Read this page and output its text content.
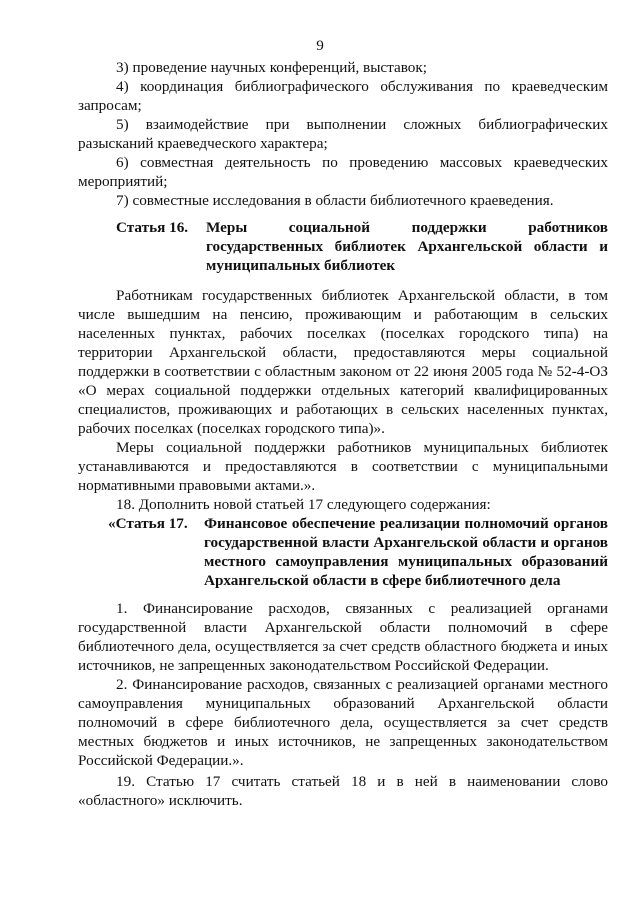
9
3) проведение научных конференций, выставок;
4) координация библиографического обслуживания по краеведческим запросам;
5) взаимодействие при выполнении сложных библиографических разысканий краеведческого характера;
6) совместная деятельность по проведению массовых краеведческих мероприятий;
7) совместные исследования в области библиотечного краеведения.
Статья 16.	Меры социальной поддержки работников государственных библиотек Архангельской области и муниципальных библиотек
Работникам государственных библиотек Архангельской области, в том числе вышедшим на пенсию, проживающим и работающим в сельских населенных пунктах, рабочих поселках (поселках городского типа) на территории Архангельской области, предоставляются меры социальной поддержки в соответствии с областным законом от 22 июня 2005 года № 52-4-ОЗ «О мерах социальной поддержки отдельных категорий квалифицированных специалистов, проживающих и работающих в сельских населенных пунктах, рабочих поселках (поселках городского типа)».
Меры социальной поддержки работников муниципальных библиотек устанавливаются и предоставляются в соответствии с муниципальными нормативными правовыми актами.».
18. Дополнить новой статьей 17 следующего содержания:
«Статья 17.	Финансовое обеспечение реализации полномочий органов государственной власти Архангельской области и органов местного самоуправления муниципальных образований Архангельской области в сфере библиотечного дела
1. Финансирование расходов, связанных с реализацией органами государственной власти Архангельской области полномочий в сфере библиотечного дела, осуществляется за счет средств областного бюджета и иных источников, не запрещенных законодательством Российской Федерации.
2. Финансирование расходов, связанных с реализацией органами местного самоуправления муниципальных образований Архангельской области полномочий в сфере библиотечного дела, осуществляется за счет средств местных бюджетов и иных источников, не запрещенных законодательством Российской Федерации.».
19. Статью 17 считать статьей 18 и в ней в наименовании слово «областного» исключить.
